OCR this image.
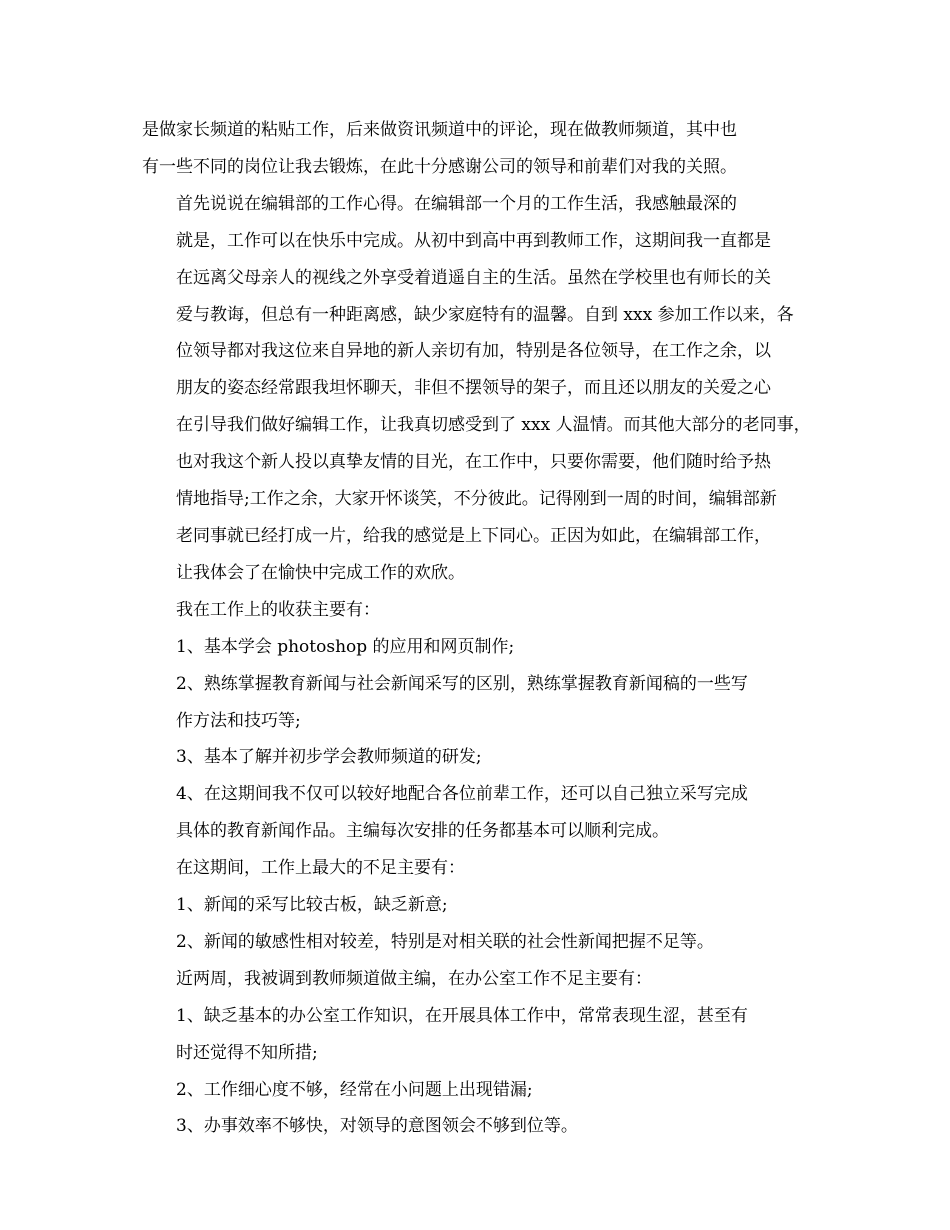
是做家长频道的粘贴工作，后来做资讯频道中的评论，现在做教师频道，其中也
有一些不同的岗位让我去锻炼，在此十分感谢公司的领导和前辈们对我的关照。

首先说说在编辑部的工作心得。在编辑部一个月的工作生活，我感触最深的
就是，工作可以在快乐中完成。从初中到高中再到教师工作，这期间我一直都是
在远离父母亲人的视线之外享受着逍遥自主的生活。虽然在学校里也有师长的关
爱与教诲，但总有一种距离感，缺少家庭特有的温馨。自到 xxx 参加工作以来，各
位领导都对我这位来自异地的新人亲切有加，特别是各位领导，在工作之余，以
朋友的姿态经常跟我坦怀聊天，非但不摆领导的架子，而且还以朋友的关爱之心
在引导我们做好编辑工作，让我真切感受到了 xxx 人温情。而其他大部分的老同事，
也对我这个新人投以真挚友情的目光，在工作中，只要你需要，他们随时给予热
情地指导;工作之余，大家开怀谈笑，不分彼此。记得刚到一周的时间，编辑部新
老同事就已经打成一片，给我的感觉是上下同心。正因为如此，在编辑部工作，
让我体会了在愉快中完成工作的欢欣。

我在工作上的收获主要有：

1、基本学会 photoshop 的应用和网页制作;

2、熟练掌握教育新闻与社会新闻采写的区别，熟练掌握教育新闻稿的一些写
作方法和技巧等;

3、基本了解并初步学会教师频道的研发;

4、在这期间我不仅可以较好地配合各位前辈工作，还可以自己独立采写完成
具体的教育新闻作品。主编每次安排的任务都基本可以顺利完成。

在这期间，工作上最大的不足主要有：

1、新闻的采写比较古板，缺乏新意;

2、新闻的敏感性相对较差，特别是对相关联的社会性新闻把握不足等。

近两周，我被调到教师频道做主编，在办公室工作不足主要有：

1、缺乏基本的办公室工作知识，在开展具体工作中，常常表现生涩，甚至有
时还觉得不知所措;

2、工作细心度不够，经常在小问题上出现错漏;

3、办事效率不够快，对领导的意图领会不够到位等。
